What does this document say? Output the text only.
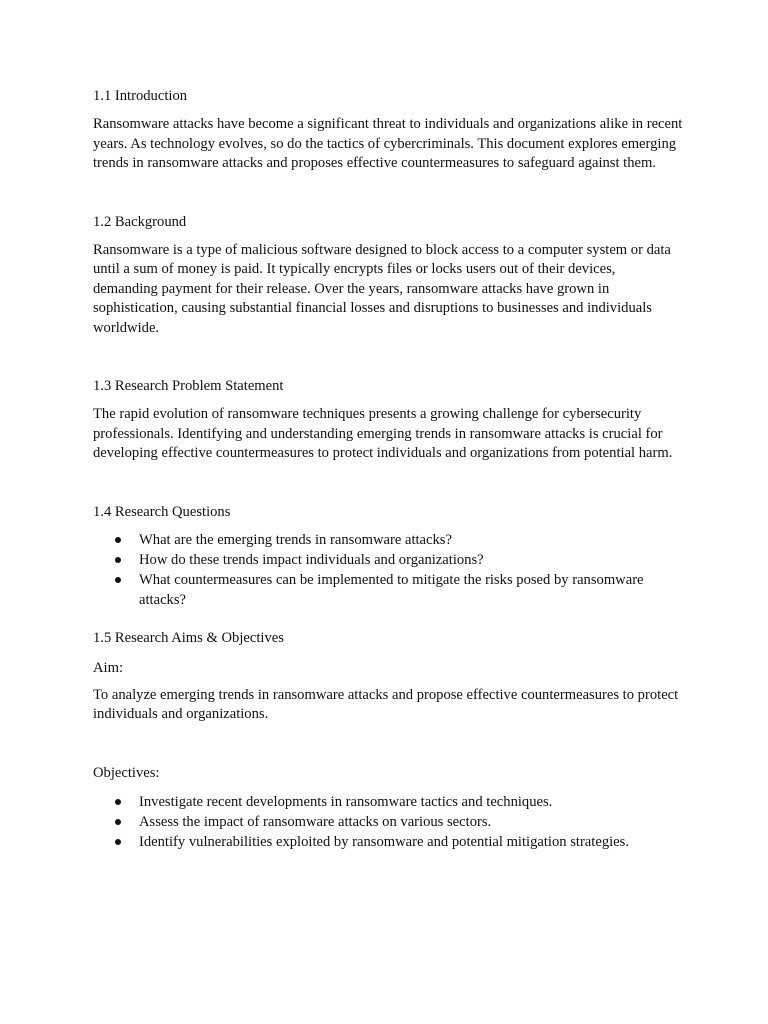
1.1 Introduction

Ransomware attacks have become a significant threat to individuals and organizations alike in recent years. As technology evolves, so do the tactics of cybercriminals. This document explores emerging trends in ransomware attacks and proposes effective countermeasures to safeguard against them.

1.2 Background

Ransomware is a type of malicious software designed to block access to a computer system or data until a sum of money is paid. It typically encrypts files or locks users out of their devices, demanding payment for their release. Over the years, ransomware attacks have grown in sophistication, causing substantial financial losses and disruptions to businesses and individuals worldwide.

1.3 Research Problem Statement

The rapid evolution of ransomware techniques presents a growing challenge for cybersecurity professionals. Identifying and understanding emerging trends in ransomware attacks is crucial for developing effective countermeasures to protect individuals and organizations from potential harm.

1.4 Research Questions

What are the emerging trends in ransomware attacks?
How do these trends impact individuals and organizations?
What countermeasures can be implemented to mitigate the risks posed by ransomware attacks?

1.5 Research Aims & Objectives

Aim:

To analyze emerging trends in ransomware attacks and propose effective countermeasures to protect individuals and organizations.

Objectives:

Investigate recent developments in ransomware tactics and techniques.
Assess the impact of ransomware attacks on various sectors.
Identify vulnerabilities exploited by ransomware and potential mitigation strategies.
